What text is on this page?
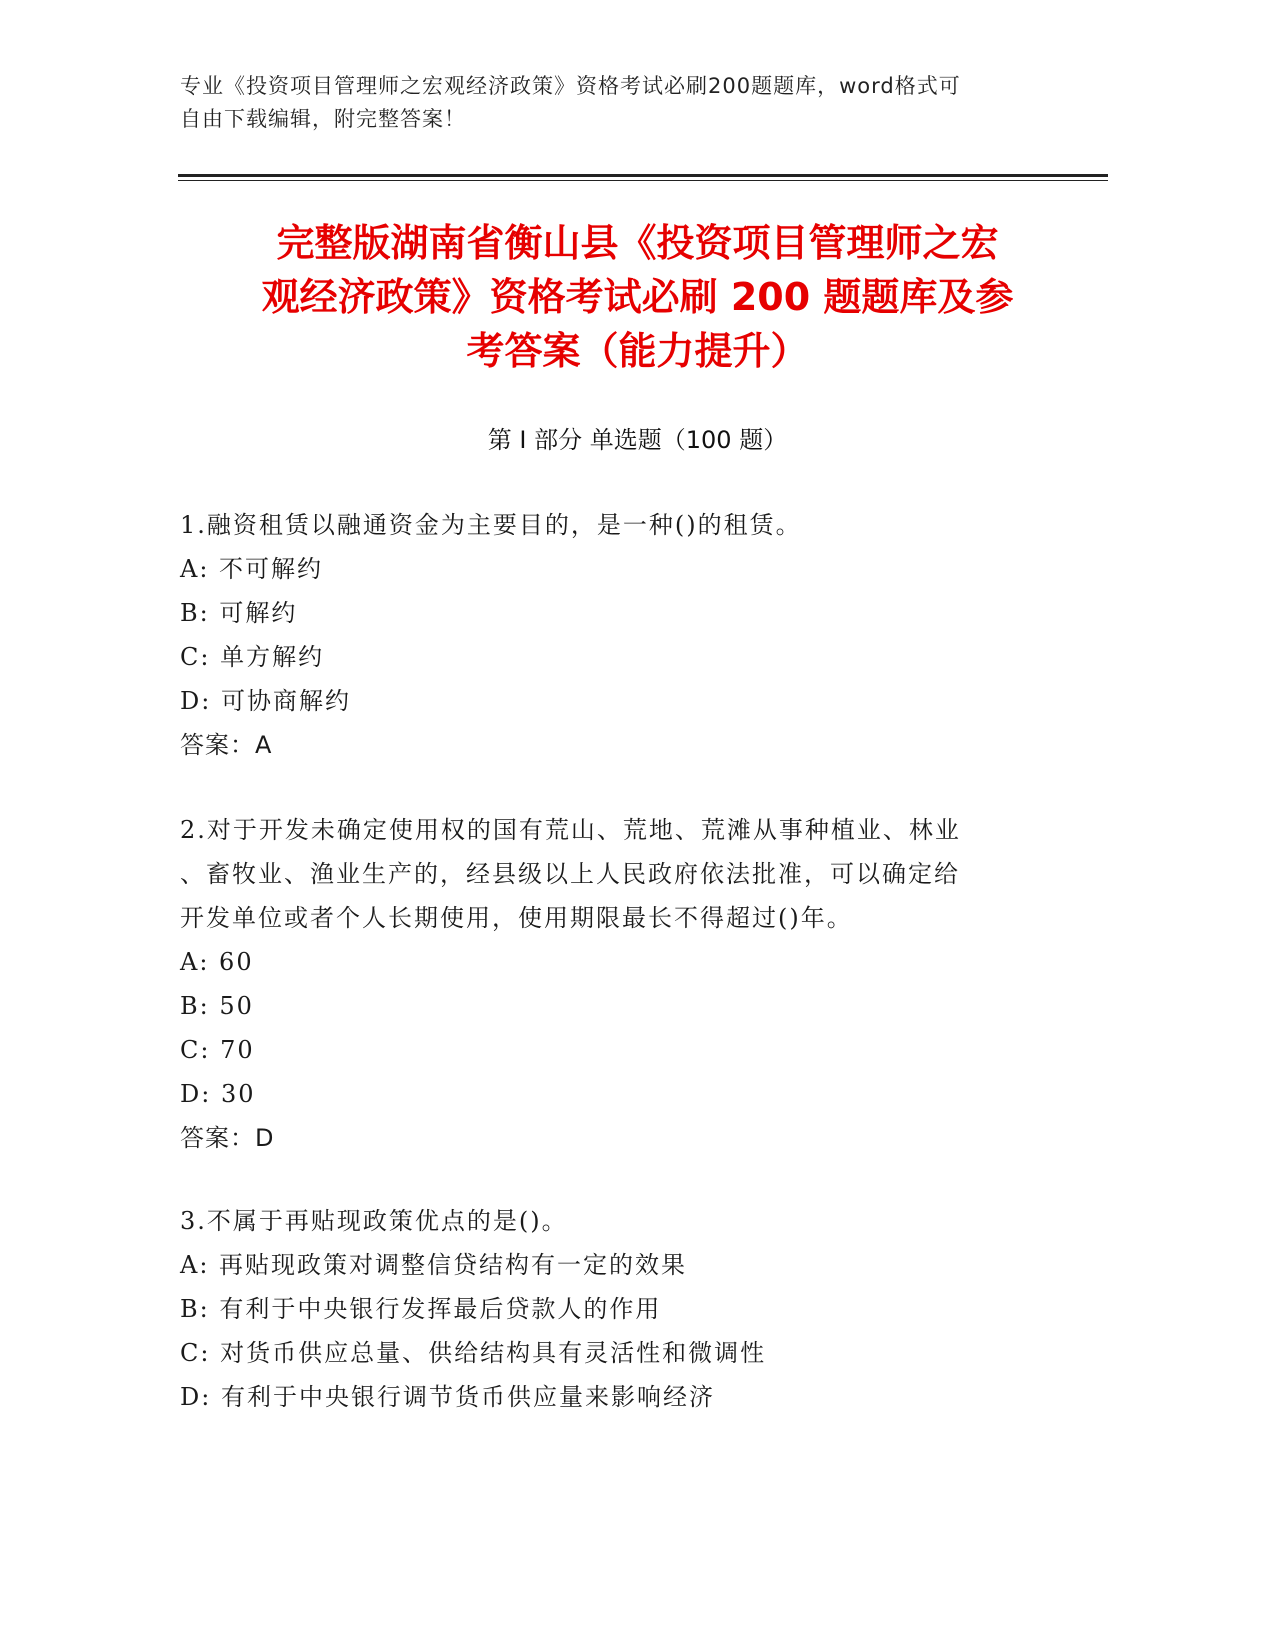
专业《投资项目管理师之宏观经济政策》资格考试必刷200题题库，word格式可
自由下载编辑，附完整答案！
完整版湖南省衡山县《投资项目管理师之宏
观经济政策》资格考试必刷 200 题题库及参
考答案（能力提升）
第 I 部分 单选题（100 题）
1.融资租赁以融通资金为主要目的，是一种()的租赁。
A: 不可解约
B: 可解约
C: 单方解约
D: 可协商解约
答案：A
2.对于开发未确定使用权的国有荒山、荒地、荒滩从事种植业、林业
、畜牧业、渔业生产的，经县级以上人民政府依法批准，可以确定给
开发单位或者个人长期使用，使用期限最长不得超过()年。
A: 60
B: 50
C: 70
D: 30
答案：D
3.不属于再贴现政策优点的是()。
A: 再贴现政策对调整信贷结构有一定的效果
B: 有利于中央银行发挥最后贷款人的作用
C: 对货币供应总量、供给结构具有灵活性和微调性
D: 有利于中央银行调节货币供应量来影响经济
